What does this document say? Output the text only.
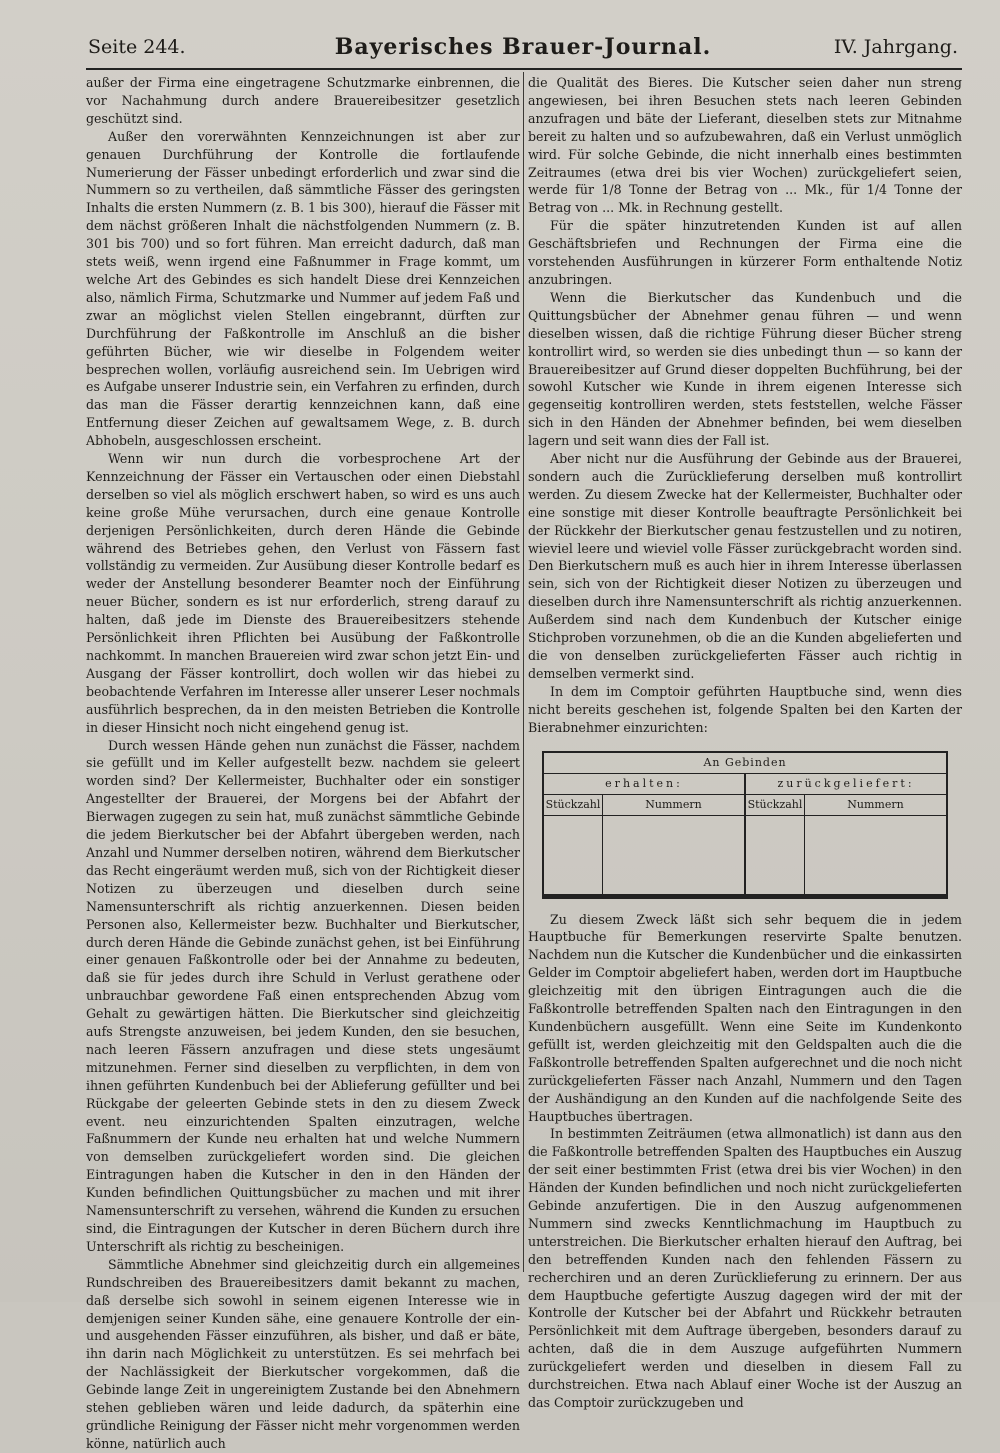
Seite 244.	Bayerisches Brauer-Journal.	IV. Jahrgang.

außer der Firma eine eingetragene Schutzmarke einbrennen, die vor Nachahmung durch andere Brauereibesitzer gesetzlich geschützt sind.

Außer den vorerwähnten Kennzeichnungen ist aber zur genauen Durchführung der Kontrolle die fortlaufende Numerierung der Fässer unbedingt erforderlich und zwar sind die Nummern so zu vertheilen, daß sämmtliche Fässer des geringsten Inhalts die ersten Nummern (z. B. 1 bis 300), hierauf die Fässer mit dem nächst größeren Inhalt die nächstfolgenden Nummern (z. B. 301 bis 700) und so fort führen. Man erreicht dadurch, daß man stets weiß, wenn irgend eine Faßnummer in Frage kommt, um welche Art des Gebindes es sich handelt Diese drei Kennzeichen also, nämlich Firma, Schutzmarke und Nummer auf jedem Faß und zwar an möglichst vielen Stellen eingebrannt, dürften zur Durchführung der Faßkontrolle im Anschluß an die bisher geführten Bücher, wie wir dieselbe in Folgendem weiter besprechen wollen, vorläufig ausreichend sein. Im Uebrigen wird es Aufgabe unserer Industrie sein, ein Verfahren zu erfinden, durch das man die Fässer derartig kennzeichnen kann, daß eine Entfernung dieser Zeichen auf gewaltsamem Wege, z. B. durch Abhobeln, ausgeschlossen erscheint.

Wenn wir nun durch die vorbesprochene Art der Kennzeichnung der Fässer ein Vertauschen oder einen Diebstahl derselben so viel als möglich erschwert haben, so wird es uns auch keine große Mühe verursachen, durch eine genaue Kontrolle derjenigen Persönlichkeiten, durch deren Hände die Gebinde während des Betriebes gehen, den Verlust von Fässern fast vollständig zu vermeiden. Zur Ausübung dieser Kontrolle bedarf es weder der Anstellung besonderer Beamter noch der Einführung neuer Bücher, sondern es ist nur erforderlich, streng darauf zu halten, daß jede im Dienste des Brauereibesitzers stehende Persönlichkeit ihren Pflichten bei Ausübung der Faßkontrolle nachkommt. In manchen Brauereien wird zwar schon jetzt Ein- und Ausgang der Fässer kontrollirt, doch wollen wir das hiebei zu beobachtende Verfahren im Interesse aller unserer Leser nochmals ausführlich besprechen, da in den meisten Betrieben die Kontrolle in dieser Hinsicht noch nicht eingehend genug ist.

Durch wessen Hände gehen nun zunächst die Fässer, nachdem sie gefüllt und im Keller aufgestellt bezw. nachdem sie geleert worden sind? Der Kellermeister, Buchhalter oder ein sonstiger Angestellter der Brauerei, der Morgens bei der Abfahrt der Bierwagen zugegen zu sein hat, muß zunächst sämmtliche Gebinde die jedem Bierkutscher bei der Abfahrt übergeben werden, nach Anzahl und Nummer derselben notiren, während dem Bierkutscher das Recht eingeräumt werden muß, sich von der Richtigkeit dieser Notizen zu überzeugen und dieselben durch seine Namensunterschrift als richtig anzuerkennen. Diesen beiden Personen also, Kellermeister bezw. Buchhalter und Bierkutscher, durch deren Hände die Gebinde zunächst gehen, ist bei Einführung einer genauen Faßkontrolle oder bei der Annahme zu bedeuten, daß sie für jedes durch ihre Schuld in Verlust gerathene oder unbrauchbar gewordene Faß einen entsprechenden Abzug vom Gehalt zu gewärtigen hätten. Die Bierkutscher sind gleichzeitig aufs Strengste anzuweisen, bei jedem Kunden, den sie besuchen, nach leeren Fässern anzufragen und diese stets ungesäumt mitzunehmen. Ferner sind dieselben zu verpflichten, in dem von ihnen geführten Kundenbuch bei der Ablieferung gefüllter und bei Rückgabe der geleerten Gebinde stets in den zu diesem Zweck event. neu einzurichtenden Spalten einzutragen, welche Faßnummern der Kunde neu erhalten hat und welche Nummern von demselben zurückgeliefert worden sind. Die gleichen Eintragungen haben die Kutscher in den in den Händen der Kunden befindlichen Quittungsbücher zu machen und mit ihrer Namensunterschrift zu versehen, während die Kunden zu ersuchen sind, die Eintragungen der Kutscher in deren Büchern durch ihre Unterschrift als richtig zu bescheinigen.

Sämmtliche Abnehmer sind gleichzeitig durch ein allgemeines Rundschreiben des Brauereibesitzers damit bekannt zu machen, daß derselbe sich sowohl in seinem eigenen Interesse wie in demjenigen seiner Kunden sähe, eine genauere Kontrolle der ein- und ausgehenden Fässer einzuführen, als bisher, und daß er bäte, ihn darin nach Möglichkeit zu unterstützen. Es sei mehrfach bei der Nachlässigkeit der Bierkutscher vorgekommen, daß die Gebinde lange Zeit in ungereinigtem Zustande bei den Abnehmern stehen geblieben wären und leide dadurch, da späterhin eine gründliche Reinigung der Fässer nicht mehr vorgenommen werden könne, natürlich auch

die Qualität des Bieres. Die Kutscher seien daher nun streng angewiesen, bei ihren Besuchen stets nach leeren Gebinden anzufragen und bäte der Lieferant, dieselben stets zur Mitnahme bereit zu halten und so aufzubewahren, daß ein Verlust unmöglich wird. Für solche Gebinde, die nicht innerhalb eines bestimmten Zeitraumes (etwa drei bis vier Wochen) zurückgeliefert seien, werde für 1/8 Tonne der Betrag von ... Mk., für 1/4 Tonne der Betrag von ... Mk. in Rechnung gestellt.

Für die später hinzutretenden Kunden ist auf allen Geschäftsbriefen und Rechnungen der Firma eine die vorstehenden Ausführungen in kürzerer Form enthaltende Notiz anzubringen.

Wenn die Bierkutscher das Kundenbuch und die Quittungsbücher der Abnehmer genau führen — und wenn dieselben wissen, daß die richtige Führung dieser Bücher streng kontrollirt wird, so werden sie dies unbedingt thun — so kann der Brauereibesitzer auf Grund dieser doppelten Buchführung, bei der sowohl Kutscher wie Kunde in ihrem eigenen Interesse sich gegenseitig kontrolliren werden, stets feststellen, welche Fässer sich in den Händen der Abnehmer befinden, bei wem dieselben lagern und seit wann dies der Fall ist.

Aber nicht nur die Ausführung der Gebinde aus der Brauerei, sondern auch die Zurücklieferung derselben muß kontrollirt werden. Zu diesem Zwecke hat der Kellermeister, Buchhalter oder eine sonstige mit dieser Kontrolle beauftragte Persönlichkeit bei der Rückkehr der Bierkutscher genau festzustellen und zu notiren, wieviel leere und wieviel volle Fässer zurückgebracht worden sind. Den Bierkutschern muß es auch hier in ihrem Interesse überlassen sein, sich von der Richtigkeit dieser Notizen zu überzeugen und dieselben durch ihre Namensunterschrift als richtig anzuerkennen. Außerdem sind nach dem Kundenbuch der Kutscher einige Stichproben vorzunehmen, ob die an die Kunden abgelieferten und die von denselben zurückgelieferten Fässer auch richtig in demselben vermerkt sind.

In dem im Comptoir geführten Hauptbuche sind, wenn dies nicht bereits geschehen ist, folgende Spalten bei den Karten der Bierabnehmer einzurichten:

An Gebinden
erhalten:	zurückgeliefert:
Stückzahl	Nummern	Stückzahl	Nummern

Zu diesem Zweck läßt sich sehr bequem die in jedem Hauptbuche für Bemerkungen reservirte Spalte benutzen. Nachdem nun die Kutscher die Kundenbücher und die einkassirten Gelder im Comptoir abgeliefert haben, werden dort im Hauptbuche gleichzeitig mit den übrigen Eintragungen auch die die Faßkontrolle betreffenden Spalten nach den Eintragungen in den Kundenbüchern ausgefüllt. Wenn eine Seite im Kundenkonto gefüllt ist, werden gleichzeitig mit den Geldspalten auch die die Faßkontrolle betreffenden Spalten aufgerechnet und die noch nicht zurückgelieferten Fässer nach Anzahl, Nummern und den Tagen der Aushändigung an den Kunden auf die nachfolgende Seite des Hauptbuches übertragen.

In bestimmten Zeiträumen (etwa allmonatlich) ist dann aus den die Faßkontrolle betreffenden Spalten des Hauptbuches ein Auszug der seit einer bestimmten Frist (etwa drei bis vier Wochen) in den Händen der Kunden befindlichen und noch nicht zurückgelieferten Gebinde anzufertigen. Die in den Auszug aufgenommenen Nummern sind zwecks Kenntlichmachung im Hauptbuch zu unterstreichen. Die Bierkutscher erhalten hierauf den Auftrag, bei den betreffenden Kunden nach den fehlenden Fässern zu recherchiren und an deren Zurücklieferung zu erinnern. Der aus dem Hauptbuche gefertigte Auszug dagegen wird der mit der Kontrolle der Kutscher bei der Abfahrt und Rückkehr betrauten Persönlichkeit mit dem Auftrage übergeben, besonders darauf zu achten, daß die in dem Auszuge aufgeführten Nummern zurückgeliefert werden und dieselben in diesem Fall zu durchstreichen. Etwa nach Ablauf einer Woche ist der Auszug an das Comptoir zurückzugeben und
